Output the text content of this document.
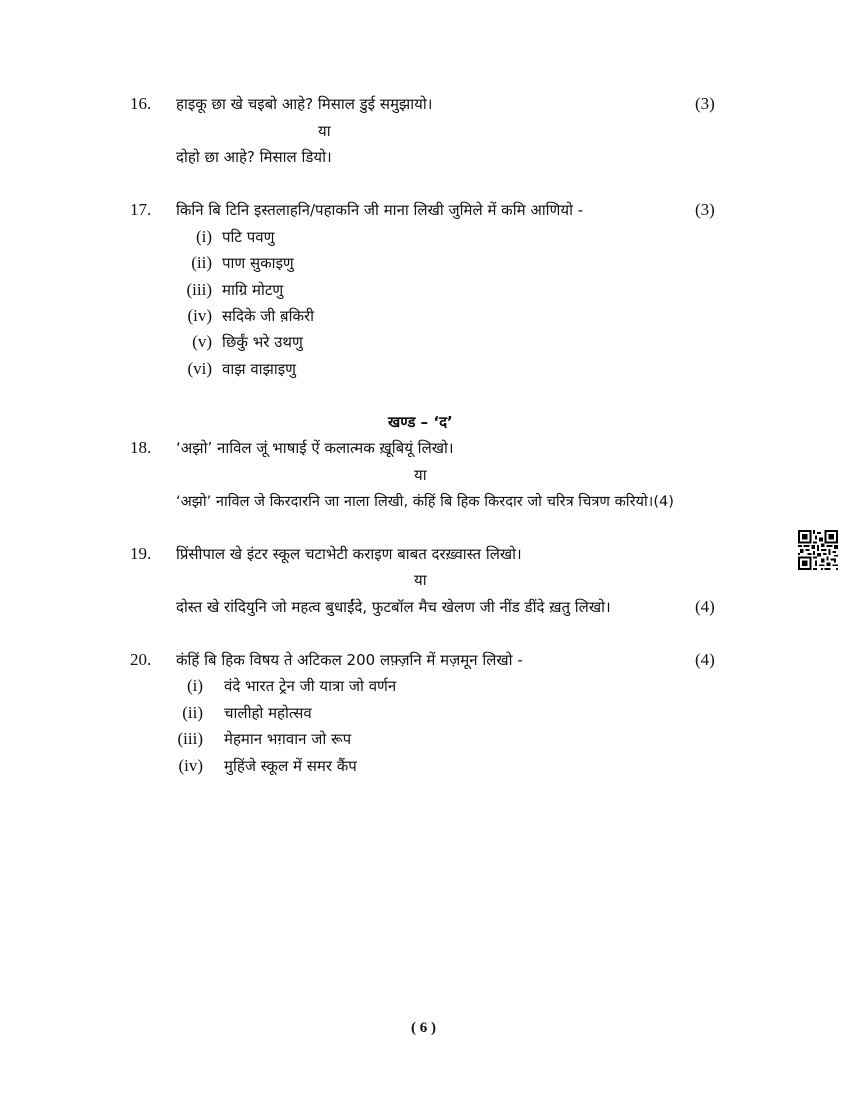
16. हाइकू छा खे चइबो आहे? मिसाल डुई समुझायो।	(3)
या
दोहो छा आहे? मिसाल डियो।
17. किनि बि टिनि इस्तलाहनि/पहाकनि जी माना लिखी जुमिले में कमि आणियो -	(3)
(i) पटि पवणु
(ii) पाण सुकाइणु
(iii) माग्रि मोटणु
(iv) सदिके जी ब़किरी
(v) छिर्कुं भरे उथणु
(vi) वाझ वाझाइणु
खण्ड – ‘द’
18. ‘अझो’ नाविल जूं भाषाई ऐं कलात्मक ख़ूबियूं लिखो।
या
‘अझो’ नाविल जे किरदारनि जा नाला लिखी, कंहिं बि हिक किरदार जो चरित्र चित्रण करियो।(4)
19. प्रिंसीपाल खे इंटर स्कूल चटाभेटी कराइण बाबत दरख़्वास्त लिखो।
या
दोस्त खे रांदियुनि जो महत्व बुधाईंदे, फुटबॉल मैच खेलण जी नींड डींदे ख़तु लिखो।	(4)
20. कंहिं बि हिक विषय ते अटिकल 200 लफ़्ज़नि में मज़मून लिखो -	(4)
(i) वंदे भारत ट्रेन जी यात्रा जो वर्णन
(ii) चालीहो महोत्सव
(iii) मेहमान भग़वान जो रूप
(iv) मुहिंजे स्कूल में समर कैंप
( 6 )
